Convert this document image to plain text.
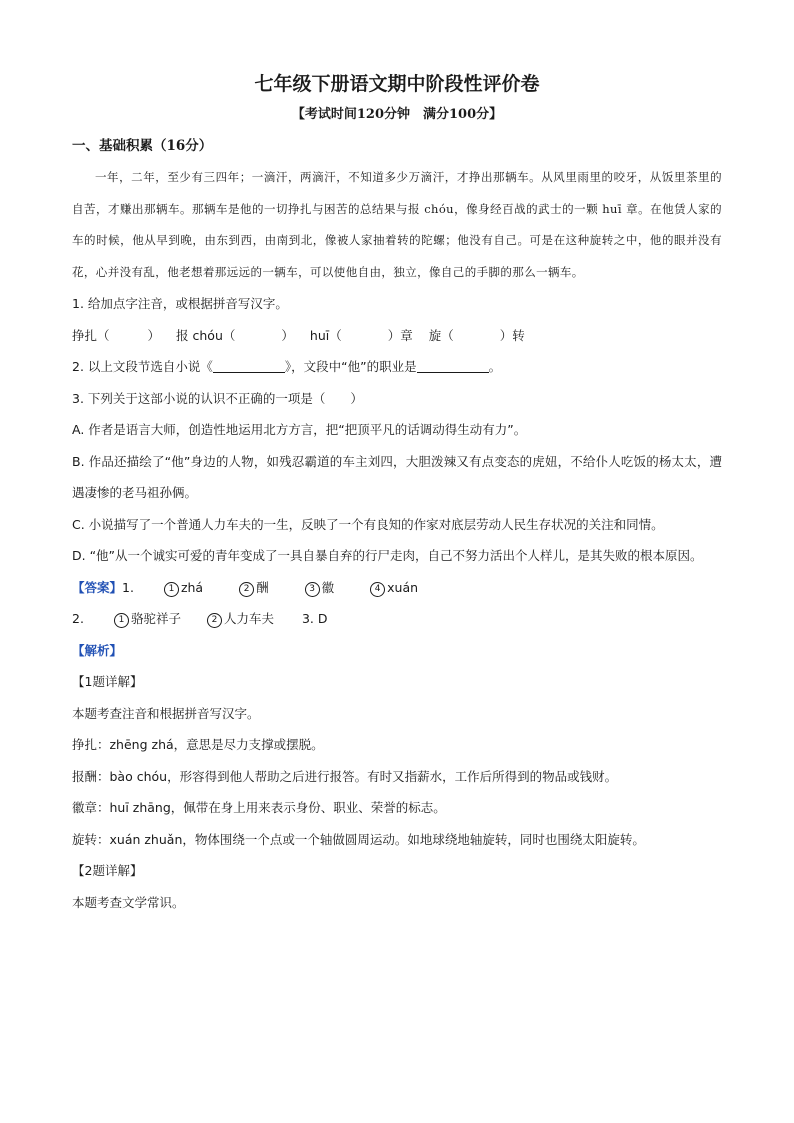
七年级下册语文期中阶段性评价卷
【考试时间120分钟　满分100分】
一、基础积累（16分）

一年，二年，至少有三四年；一滴汗，两滴汗，不知道多少万滴汗，才挣出那辆车。从风里雨里的咬牙，从饭里茶里的自苦，才赚出那辆车。那辆车是他的一切挣扎与困苦的总结果与报 chóu，像身经百战的武士的一颗 huī 章。在他赁人家的车的时候，他从早到晚，由东到西，由南到北，像被人家抽着转的陀螺；他没有自己。可是在这种旋转之中，他的眼并没有花，心并没有乱，他老想着那远远的一辆车，可以使他自由，独立，像自己的手脚的那么一辆车。

1. 给加点字注音，或根据拼音写汉字。

挣扎（	） 报 chóu（	） huī（	）章 旋（	）转

2. 以上文段节选自小说《	》，文段中“他”的职业是	。

3. 下列关于这部小说的认识不正确的一项是（　　）

A. 作者是语言大师，创造性地运用北方方言，把“把顶平凡的话调动得生动有力”。

B. 作品还描绘了“他”身边的人物，如残忍霸道的车主刘四，大胆泼辣又有点变态的虎妞，不给仆人吃饭的杨太太，遭遇凄惨的老马祖孙俩。

C. 小说描写了一个普通人力车夫的一生，反映了一个有良知的作家对底层劳动人民生存状况的关注和同情。

D. “他”从一个诚实可爱的青年变成了一具自暴自弃的行尸走肉，自己不努力活出个人样儿，是其失败的根本原因。

【答案】1.	1 zhá	2 酬	3 徽	4 xuán

2.	1 骆驼祥子	2 人力车夫 3. D

【解析】

【1题详解】

本题考查注音和根据拼音写汉字。

挣扎：zhēng zhá，意思是尽力支撑或摆脱。

报酬：bào chóu，形容得到他人帮助之后进行报答。有时又指薪水，工作后所得到的物品或钱财。

徽章：huī zhāng，佩带在身上用来表示身份、职业、荣誉的标志。

旋转：xuán zhuǎn，物体围绕一个点或一个轴做圆周运动。如地球绕地轴旋转，同时也围绕太阳旋转。

【2题详解】

本题考查文学常识。
